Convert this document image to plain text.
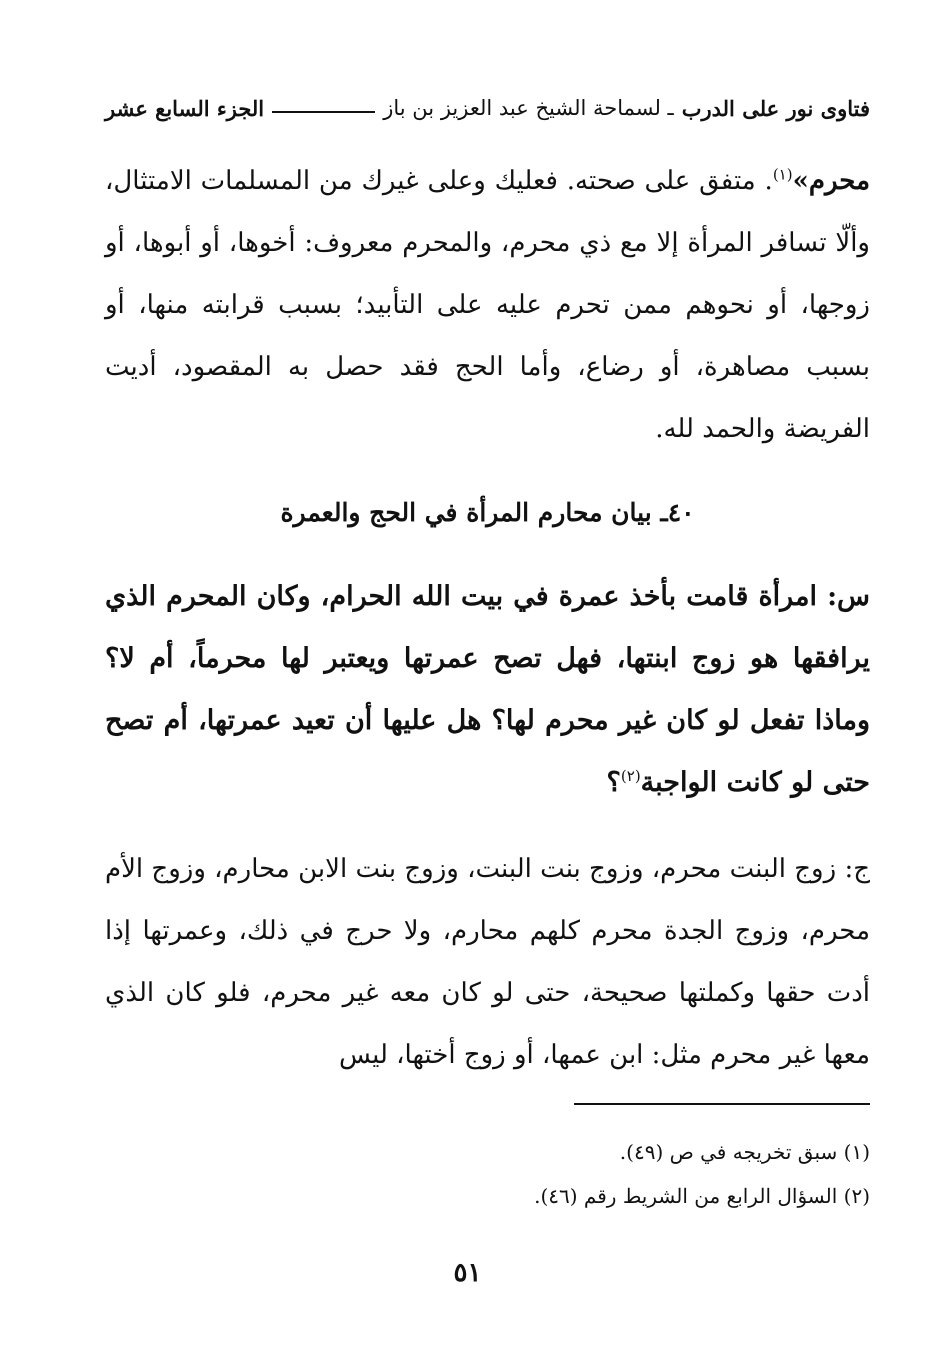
فتاوى نور على الدرب
ـ لسماحة الشيخ عبد العزيز بن باز
الجزء السابع عشر
محرم»$^{(١)}$. متفق على صحته. فعليك وعلى غيرك من المسلمات الامتثال، وألّا تسافر المرأة إلا مع ذي محرم، والمحرم معروف: أخوها، أو أبوها، أو زوجها، أو نحوهم ممن تحرم عليه على التأبيد؛ بسبب قرابته منها، أو بسبب مصاهرة، أو رضاع، وأما الحج فقد حصل به المقصود، أديت الفريضة والحمد لله.
٤٠ـ بيان محارم المرأة في الحج والعمرة
س: امرأة قامت بأخذ عمرة في بيت الله الحرام، وكان المحرم الذي يرافقها هو زوج ابنتها، فهل تصح عمرتها ويعتبر لها محرماً، أم لا؟ وماذا تفعل لو كان غير محرم لها؟ هل عليها أن تعيد عمرتها، أم تصح حتى لو كانت الواجبة$^{(٢)}$؟
ج: زوج البنت محرم، وزوج بنت البنت، وزوج بنت الابن محارم، وزوج الأم محرم، وزوج الجدة محرم كلهم محارم، ولا حرج في ذلك، وعمرتها إذا أدت حقها وكملتها صحيحة، حتى لو كان معه غير محرم، فلو كان الذي معها غير محرم مثل: ابن عمها، أو زوج أختها، ليس
(١) سبق تخريجه في ص (٤٩).
(٢) السؤال الرابع من الشريط رقم (٤٦).
٥١
